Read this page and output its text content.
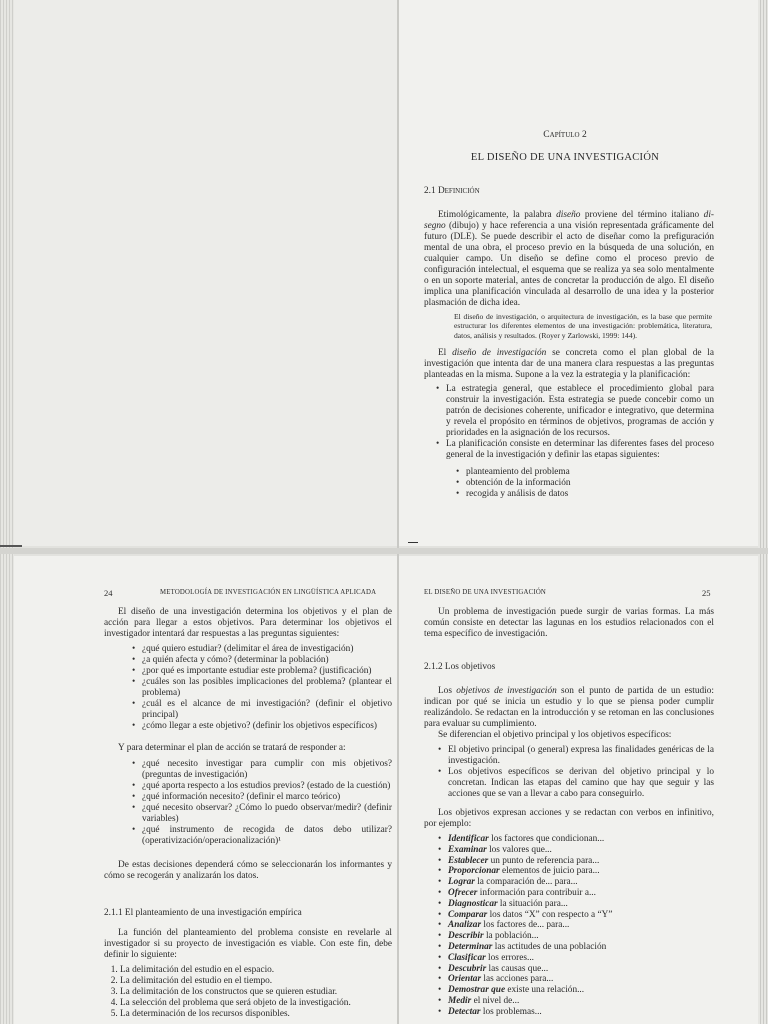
Capítulo 2
EL DISEÑO DE UNA INVESTIGACIÓN
2.1 Definición

Etimológicamente, la palabra diseño proviene del término italiano di-segno (dibujo) y hace referencia a una visión representada gráficamente del futuro (DLE). Se puede describir el acto de diseñar como la prefiguración mental de una obra, el proceso previo en la búsqueda de una solución, en cualquier campo. Un diseño se define como el proceso previo de configuración intelectual, el esquema que se realiza ya sea solo mentalmente o en un soporte material, antes de concretar la producción de algo. El diseño implica una planificación vinculada al desarrollo de una idea y la posterior plasmación de dicha idea.

El diseño de investigación, o arquitectura de investigación, es la base que permite estructurar los diferentes elementos de una investigación: problemática, literatura, datos, análisis y resultados. (Royer y Zarlowski, 1999: 144).

El diseño de investigación se concreta como el plan global de la investigación que intenta dar de una manera clara respuestas a las preguntas planteadas en la misma. Supone a la vez la estrategia y la planificación:

• La estrategia general, que establece el procedimiento global para construir la investigación. Esta estrategia se puede concebir como un patrón de decisiones coherente, unificador e integrativo, que determina y revela el propósito en términos de objetivos, programas de acción y prioridades en la asignación de los recursos.
• La planificación consiste en determinar las diferentes fases del proceso general de la investigación y definir las etapas siguientes:
• planteamiento del problema
• obtención de la información
• recogida y análisis de datos
24	METODOLOGÍA DE INVESTIGACIÓN EN LINGÜÍSTICA APLICADA

El diseño de una investigación determina los objetivos y el plan de acción para llegar a estos objetivos. Para determinar los objetivos el investigador intentará dar respuestas a las preguntas siguientes:

• ¿qué quiero estudiar? (delimitar el área de investigación)
• ¿a quién afecta y cómo? (determinar la población)
• ¿por qué es importante estudiar este problema? (justificación)
• ¿cuáles son las posibles implicaciones del problema? (plantear el problema)
• ¿cuál es el alcance de mi investigación? (definir el objetivo principal)
• ¿cómo llegar a este objetivo? (definir los objetivos específicos)

Y para determinar el plan de acción se tratará de responder a:

• ¿qué necesito investigar para cumplir con mis objetivos? (preguntas de investigación)
• ¿qué aporta respecto a los estudios previos? (estado de la cuestión)
• ¿qué información necesito? (definir el marco teórico)
• ¿qué necesito observar? ¿Cómo lo puedo observar/medir? (definir variables)
• ¿qué instrumento de recogida de datos debo utilizar? (operativización/operacionalización)¹

De estas decisiones dependerá cómo se seleccionarán los informantes y cómo se recogerán y analizarán los datos.

2.1.1 El planteamiento de una investigación empírica

La función del planteamiento del problema consiste en revelarle al investigador si su proyecto de investigación es viable. Con este fin, debe definir lo siguiente:

1. La delimitación del estudio en el espacio.
2. La delimitación del estudio en el tiempo.
3. La delimitación de los constructos que se quieren estudiar.
4. La selección del problema que será objeto de la investigación.
5. La determinación de los recursos disponibles.
EL DISEÑO DE UNA INVESTIGACIÓN	25

Un problema de investigación puede surgir de varias formas. La más común consiste en detectar las lagunas en los estudios relacionados con el tema específico de investigación.

2.1.2 Los objetivos

Los objetivos de investigación son el punto de partida de un estudio: indican por qué se inicia un estudio y lo que se piensa poder cumplir realizándolo. Se redactan en la introducción y se retoman en las conclusiones para evaluar su cumplimiento.

Se diferencian el objetivo principal y los objetivos específicos:

• El objetivo principal (o general) expresa las finalidades genéricas de la investigación.
• Los objetivos específicos se derivan del objetivo principal y lo concretan. Indican las etapas del camino que hay que seguir y las acciones que se van a llevar a cabo para conseguirlo.

Los objetivos expresan acciones y se redactan con verbos en infinitivo, por ejemplo:

• Identificar los factores que condicionan...
• Examinar los valores que...
• Establecer un punto de referencia para...
• Proporcionar elementos de juicio para...
• Lograr la comparación de... para...
• Ofrecer información para contribuir a...
• Diagnosticar la situación para...
• Comparar los datos “X” con respecto a “Y”
• Analizar los factores de... para...
• Describir la población...
• Determinar las actitudes de una población
• Clasificar los errores...
• Descubrir las causas que...
• Orientar las acciones para...
• Demostrar que existe una relación...
• Medir el nivel de...
• Detectar los problemas...
